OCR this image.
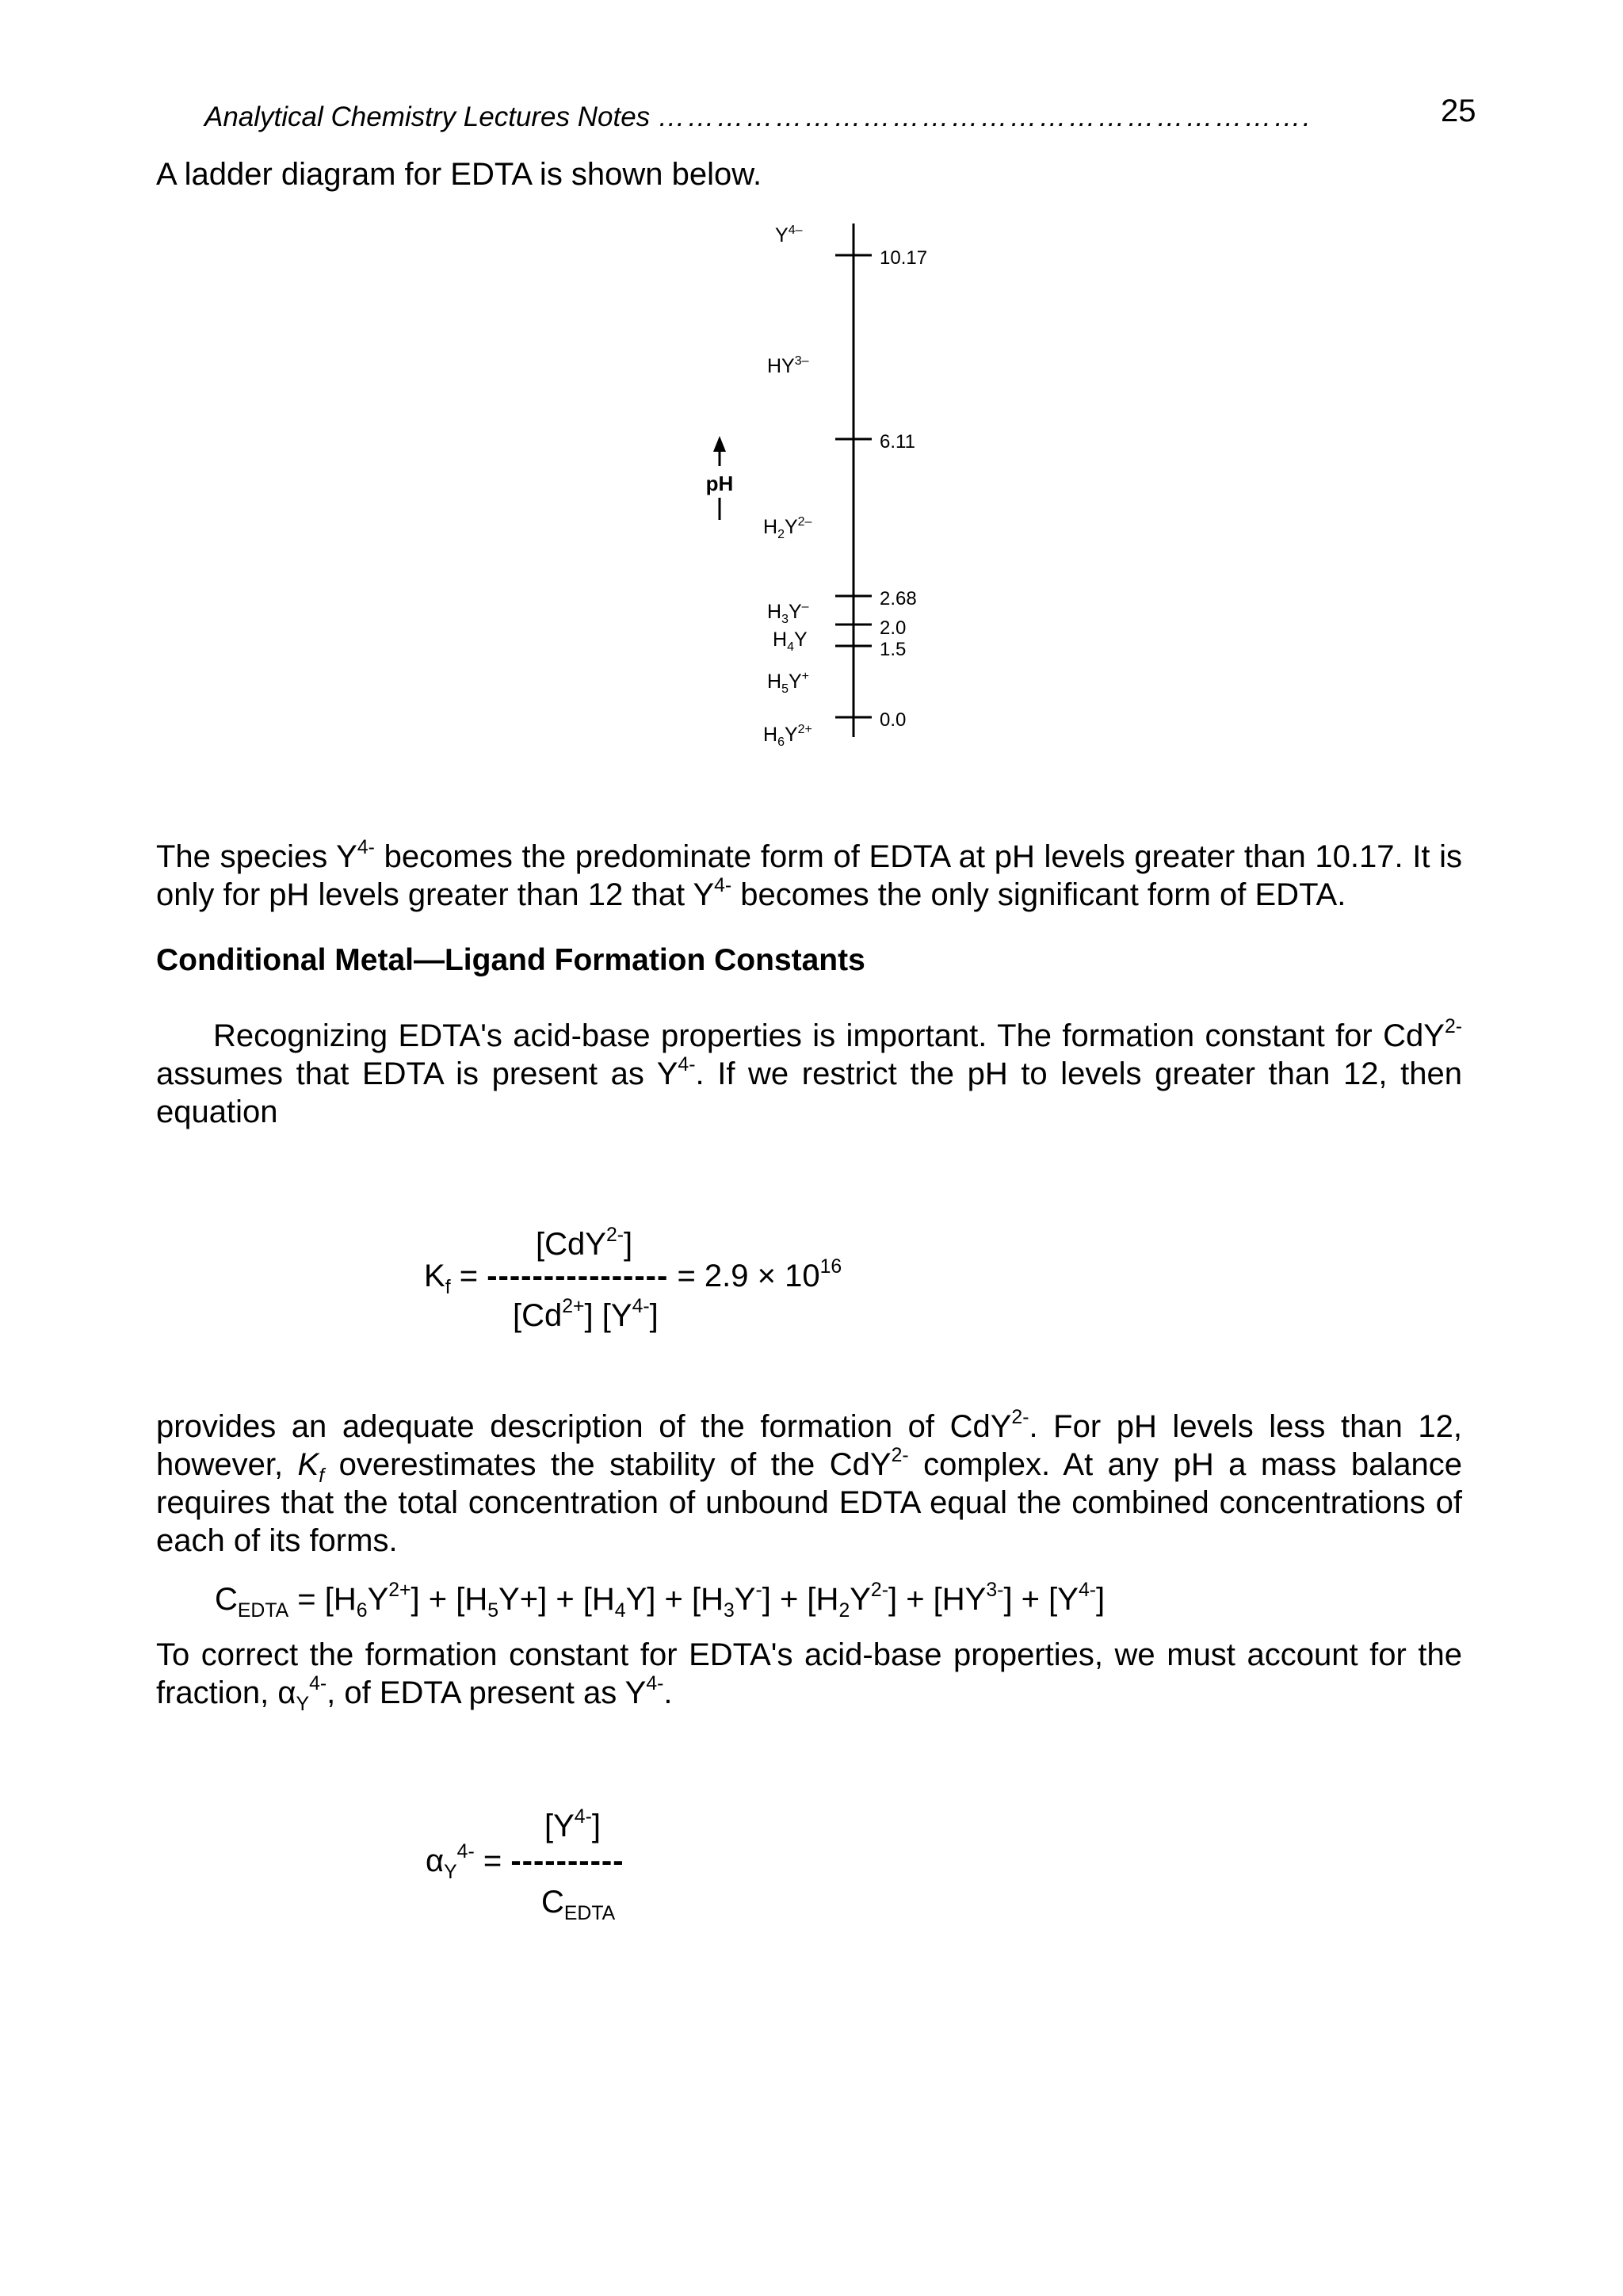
Analytical Chemistry Lectures Notes ………………………………………………………….	25
A ladder diagram for EDTA is shown below.
pH
10.17
6.11
2.68
2.0
1.5
0.0
$Y^{4-}$
$HY^{3-}$
$H_2Y^{2-}$
$H_3Y^-$
$H_4Y$
$H_5Y^+$
$H_6Y^{2+}$
The species $Y^{4-}$ becomes the predominate form of EDTA at pH levels greater than 10.17. It is only for pH levels greater than 12 that $Y^{4-}$ becomes the only significant form of EDTA.
Conditional Metal—Ligand Formation Constants
Recognizing EDTA's acid-base properties is important. The formation constant for CdY$^{2-}$ assumes that EDTA is present as $Y^{4-}$. If we restrict the pH to levels greater than 12, then equation
[CdY$^{2-}$]
$K_f$ = ---------------- = $2.9 \times 10^{16}$
$[Cd^{2+}]$ $[Y^{4-}]$
provides an adequate description of the formation of CdY$^{2-}$. For pH levels less than 12, however, $K_f$ overestimates the stability of the CdY$^{2-}$ complex. At any pH a mass balance requires that the total concentration of unbound EDTA equal the combined concentrations of each of its forms.
$C_{EDTA} = [H_6Y^{2+}] + [H_5Y+] + [H_4Y] + [H_3Y^-] + [H_2Y^{2-}] + [HY^{3-}] + [Y^{4-}]$
To correct the formation constant for EDTA's acid-base properties, we must account for the fraction, $\alpha_Y^{4-}$, of EDTA present as $Y^{4-}$.
$[Y^{4-}]$
$\alpha_Y^{4-}$ = ----------
$C_{EDTA}$
